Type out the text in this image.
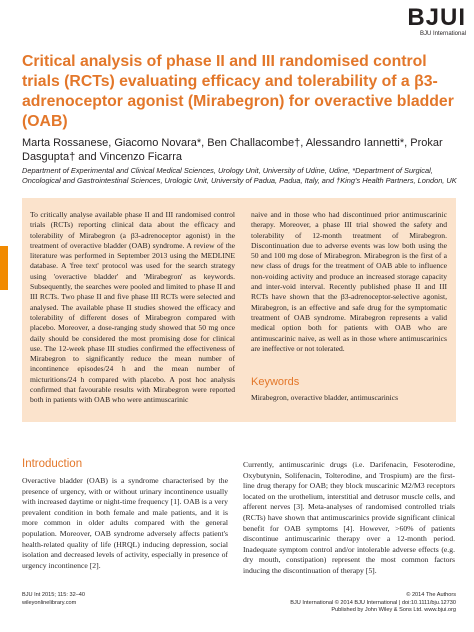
BJUI
BJU International
Critical analysis of phase II and III randomised control trials (RCTs) evaluating efficacy and tolerability of a β3-adrenoceptor agonist (Mirabegron) for overactive bladder (OAB)

Marta Rossanese, Giacomo Novara*, Ben Challacombe†, Alessandro Iannetti*, Prokar Dasgupta† and Vincenzo Ficarra

Department of Experimental and Clinical Medical Sciences, Urology Unit, University of Udine, Udine, *Department of Surgical, Oncological and Gastrointestinal Sciences, Urologic Unit, University of Padua, Padua, Italy, and †King's Health Partners, London, UK

To critically analyse available phase II and III randomised control trials (RCTs) reporting clinical data about the efficacy and tolerability of Mirabegron (a β3-adrenoceptor agonist) in the treatment of overactive bladder (OAB) syndrome. A review of the literature was performed in September 2013 using the MEDLINE database. A 'free text' protocol was used for the search strategy using 'overactive bladder' and 'Mirabegron' as keywords. Subsequently, the searches were pooled and limited to phase II and III RCTs. Two phase II and five phase III RCTs were selected and analysed. The available phase II studies showed the efficacy and tolerability of different doses of Mirabegron compared with placebo. Moreover, a dose-ranging study showed that 50 mg once daily should be considered the most promising dose for clinical use. The 12-week phase III studies confirmed the effectiveness of Mirabegron to significantly reduce the mean number of incontinence episodes/24 h and the mean number of micturitions/24 h compared with placebo. A post hoc analysis confirmed that favourable results with Mirabegron were reported both in patients with OAB who were antimuscarinic

naive and in those who had discontinued prior antimuscarinic therapy. Moreover, a phase III trial showed the safety and tolerability of 12-month treatment of Mirabegron. Discontinuation due to adverse events was low both using the 50 and 100 mg dose of Mirabegron. Mirabegron is the first of a new class of drugs for the treatment of OAB able to influence non-voiding activity and produce an increased storage capacity and inter-void interval. Recently published phase II and III RCTs have shown that the β3-adrenoceptor-selective agonist, Mirabegron, is an effective and safe drug for the symptomatic treatment of OAB syndrome. Mirabegron represents a valid medical option both for patients with OAB who are antimuscarinic naive, as well as in those where antimuscarinics are ineffective or not tolerated.

Keywords

Mirabegron, overactive bladder, antimuscarinics

Introduction

Overactive bladder (OAB) is a syndrome characterised by the presence of urgency, with or without urinary incontinence usually with increased daytime or night-time frequency [1]. OAB is a very prevalent condition in both female and male patients, and it is more common in older adults compared with the general population. Moreover, OAB syndrome adversely affects patient's health-related quality of life (HRQL) inducing depression, social isolation and decreased levels of activity, especially in presence of urgency incontinence [2].

Currently, antimuscarinic drugs (i.e. Darifenacin, Fesoterodine, Oxybutynin, Solifenacin, Tolterodine, and Trospium) are the first-line drug therapy for OAB; they block muscarinic M2/M3 receptors located on the urothelium, interstitial and detrusor muscle cells, and afferent nerves [3]. Meta-analyses of randomised controlled trials (RCTs) have shown that antimuscarinics provide significant clinical benefit for OAB symptoms [4]. However, >60% of patients discontinue antimuscarinic therapy over a 12-month period. Inadequate symptom control and/or intolerable adverse effects (e.g. dry mouth, constipation) represent the most common factors inducing the discontinuation of therapy [5].

BJU Int 2015; 115: 32–40
wileyonlinelibrary.com
© 2014 The Authors
BJU International © 2014 BJU International | doi:10.1111/bju.12730
Published by John Wiley & Sons Ltd. www.bjui.org
